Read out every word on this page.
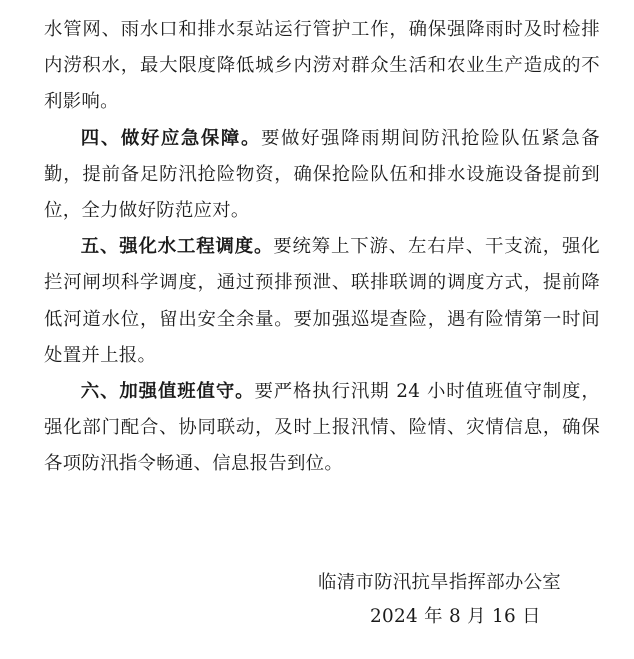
水管网、雨水口和排水泵站运行管护工作，确保强降雨时及时检排内涝积水，最大限度降低城乡内涝对群众生活和农业生产造成的不利影响。

四、做好应急保障。要做好强降雨期间防汛抢险队伍紧急备勤，提前备足防汛抢险物资，确保抢险队伍和排水设施设备提前到位，全力做好防范应对。

五、强化水工程调度。要统筹上下游、左右岸、干支流，强化拦河闸坝科学调度，通过预排预泄、联排联调的调度方式，提前降低河道水位，留出安全余量。要加强巡堤查险，遇有险情第一时间处置并上报。

六、加强值班值守。要严格执行汛期 24 小时值班值守制度，强化部门配合、协同联动，及时上报汛情、险情、灾情信息，确保各项防汛指令畅通、信息报告到位。

临清市防汛抗旱指挥部办公室
2024 年 8 月 16 日
